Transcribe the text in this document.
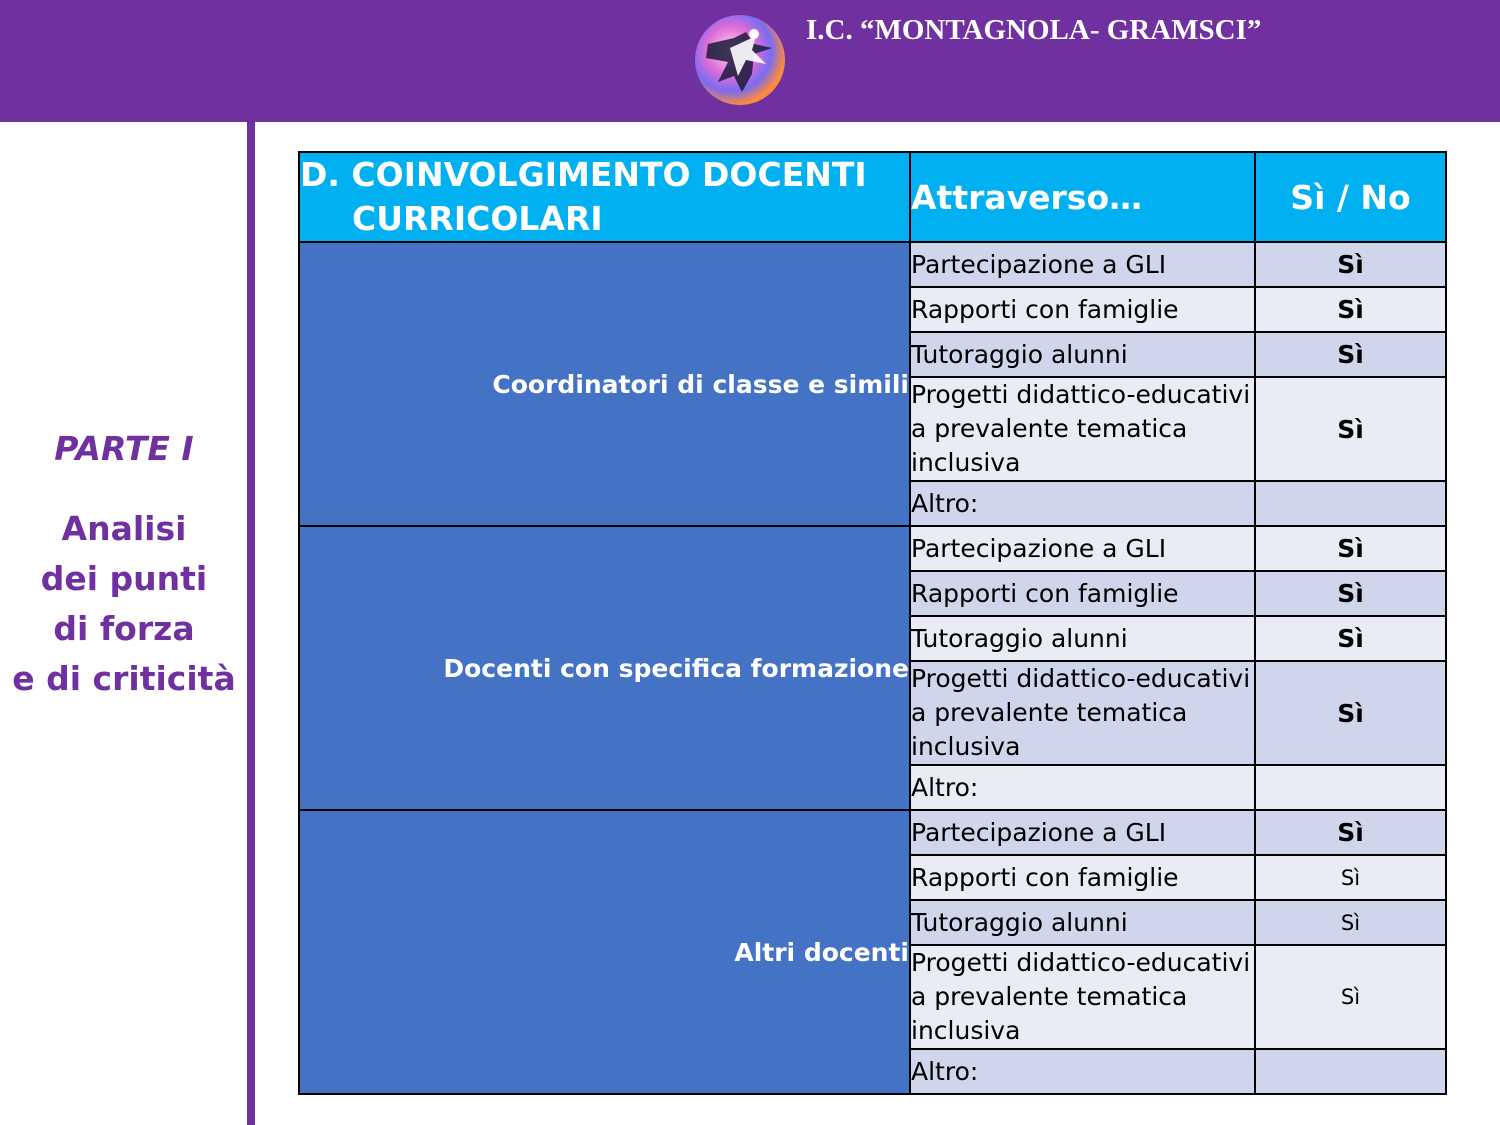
I.C. “MONTAGNOLA- GRAMSCI”
PARTE I
Analisi
dei punti
di forza
e di criticità
D. COINVOLGIMENTO DOCENTI
CURRICOLARI	Attraverso…	Sì / No
Coordinatori di classe e simili	Partecipazione a GLI	Sì
	Rapporti con famiglie	Sì
	Tutoraggio alunni	Sì
	Progetti didattico-educativi a prevalente tematica inclusiva	Sì
	Altro:	
Docenti con specifica formazione	Partecipazione a GLI	Sì
	Rapporti con famiglie	Sì
	Tutoraggio alunni	Sì
	Progetti didattico-educativi a prevalente tematica inclusiva	Sì
	Altro:	
Altri docenti	Partecipazione a GLI	Sì
	Rapporti con famiglie	Sì
	Tutoraggio alunni	Sì
	Progetti didattico-educativi a prevalente tematica inclusiva	Sì
	Altro:	
